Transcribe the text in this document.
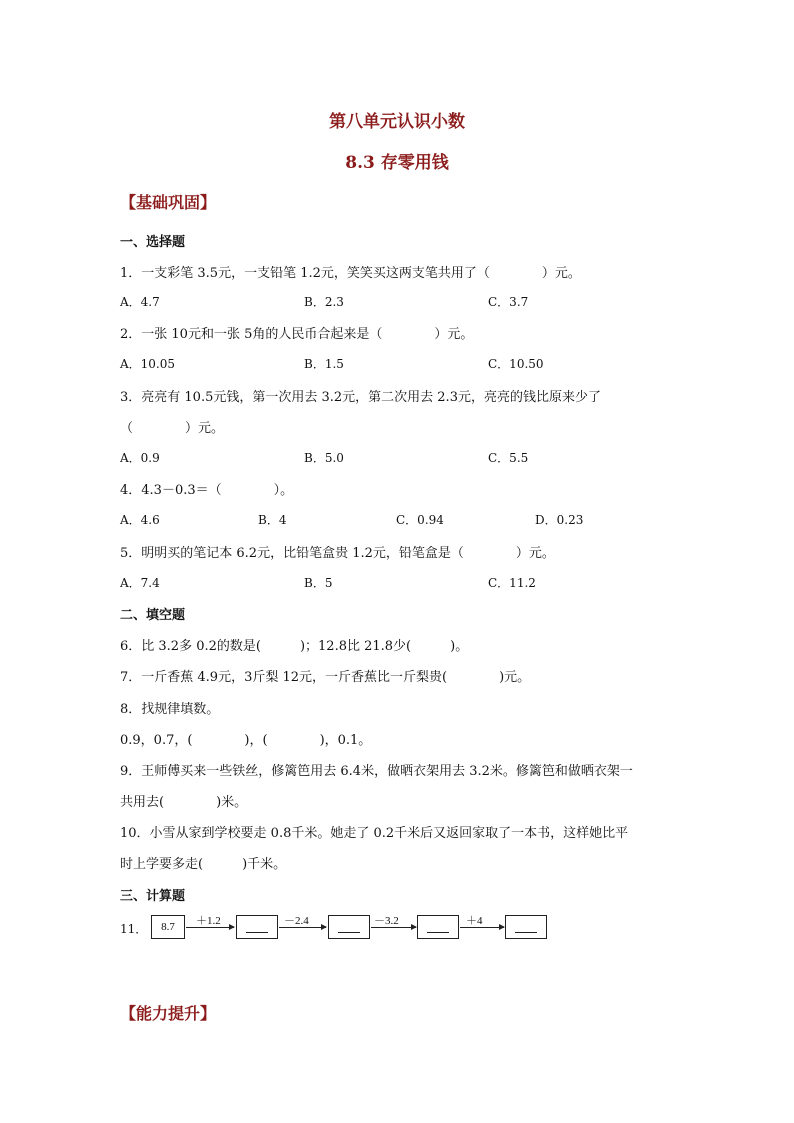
第八单元认识小数
8.3 存零用钱
【基础巩固】
一、选择题
1．一支彩笔 3.5元，一支铅笔 1.2元，笑笑买这两支笔共用了（　　　　）元。
A．4.7	B．2.3	C．3.7
2．一张 10元和一张 5角的人民币合起来是（　　　　）元。
A．10.05	B．1.5	C．10.50
3．亮亮有 10.5元钱，第一次用去 3.2元，第二次用去 2.3元，亮亮的钱比原来少了
（　　　　）元。
A．0.9	B．5.0	C．5.5
4．4.3－0.3＝（　　　　）。
A．4.6	B．4	C．0.94	D．0.23
5．明明买的笔记本 6.2元，比铅笔盒贵 1.2元，铅笔盒是（　　　　）元。
A．7.4	B．5	C．11.2
二、填空题
6．比 3.2多 0.2的数是(　　　)；12.8比 21.8少(　　　)。
7．一斤香蕉 4.9元，3斤梨 12元，一斤香蕉比一斤梨贵(　　　　)元。
8．找规律填数。
0.9，0.7，(　　　　)，(　　　　)，0.1。
9．王师傅买来一些铁丝，修篱笆用去 6.4米，做晒衣架用去 3.2米。修篱笆和做晒衣架一
共用去(　　　　)米。
10．小雪从家到学校要走 0.8千米。她走了 0.2千米后又返回家取了一本书，这样她比平
时上学要多走(　　　)千米。
三、计算题
11．	8.7	＋1.2	－2.4	－3.2	＋4
【能力提升】
